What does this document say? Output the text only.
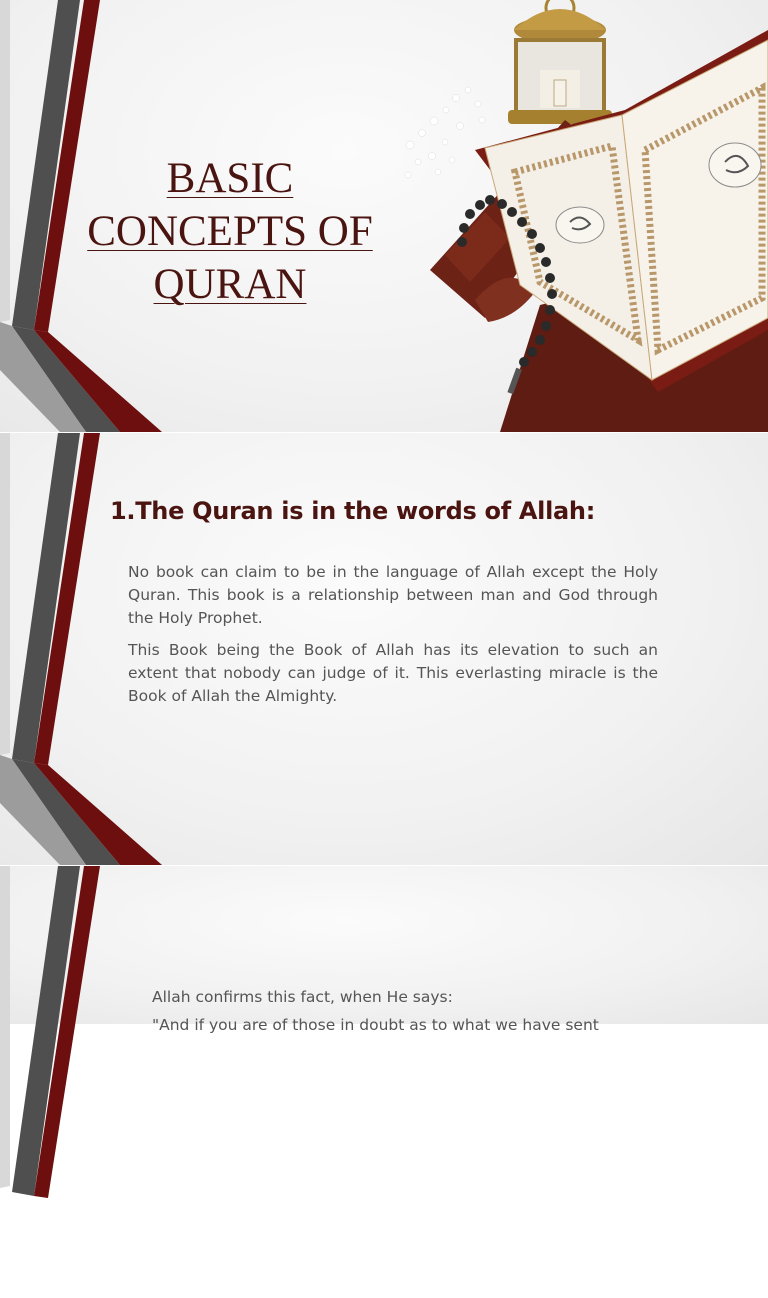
BASIC
CONCEPTS OF
QURAN
1.The Quran is in the words of Allah:

No book can claim to be in the language of Allah except the Holy Quran. This book is a relationship between man and God through the Holy Prophet.

This Book being the Book of Allah has its elevation to such an extent that nobody can judge of it. This everlasting miracle is the Book of Allah the Almighty.

Allah confirms this fact, when He says:

"And if you are of those in doubt as to what we have sent
